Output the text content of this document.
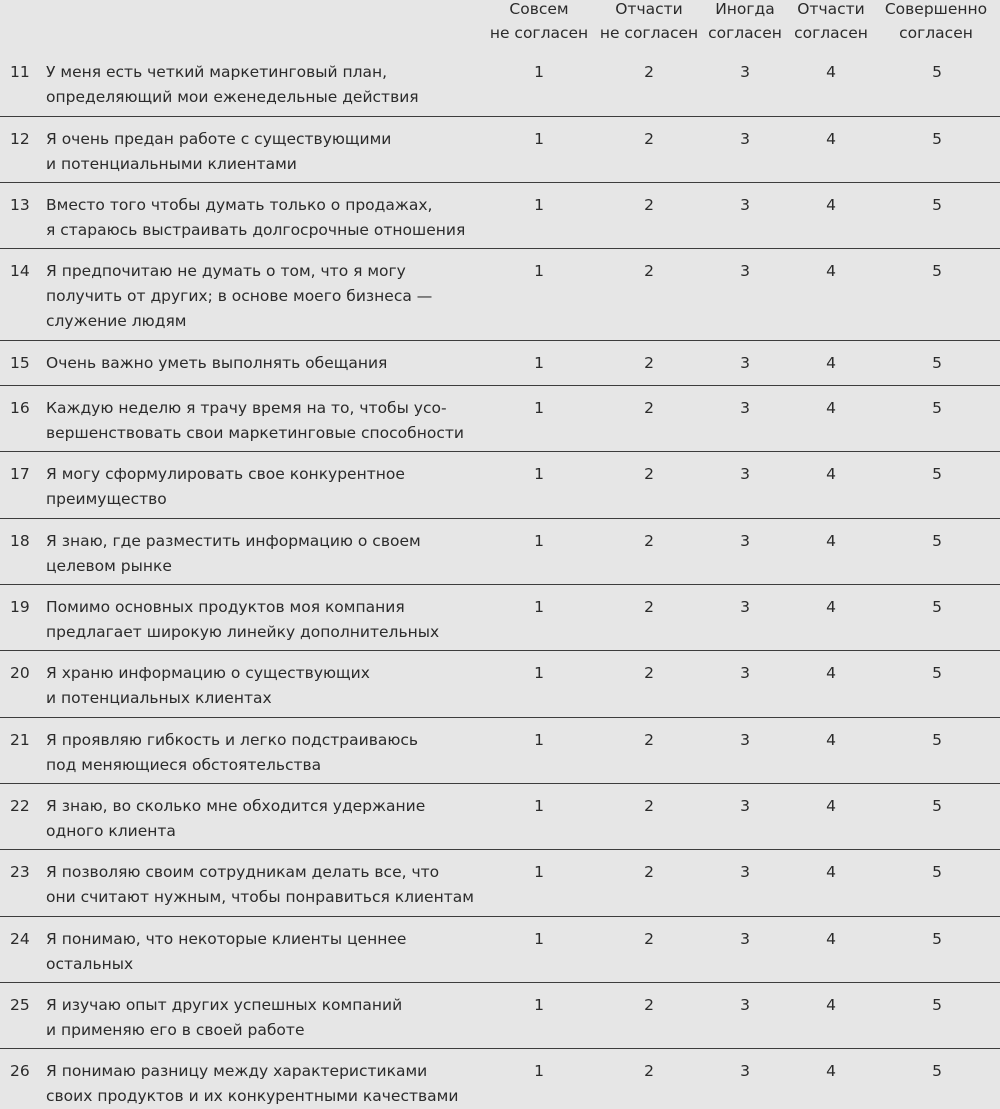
Совсем
не согласен
Отчасти
не согласен
Иногда
согласен
Отчасти
согласен
Совершенно
согласен
11 У меня есть четкий маркетинговый план,
определяющий мои еженедельные действия
1	2	3	4	5
12 Я очень предан работе с существующими
и потенциальными клиентами
1	2	3	4	5
13 Вместо того чтобы думать только о продажах,
я стараюсь выстраивать долгосрочные отношения
1	2	3	4	5
14 Я предпочитаю не думать о том, что я могу
получить от других; в основе моего бизнеса —
служение людям
1	2	3	4	5
15 Очень важно уметь выполнять обещания	1	2	3	4	5
16 Каждую неделю я трачу время на то, чтобы усо-
вершенствовать свои маркетинговые способности
1	2	3	4	5
17 Я могу сформулировать свое конкурентное
преимущество
1	2	3	4	5
18 Я знаю, где разместить информацию о своем
целевом рынке
1	2	3	4	5
19 Помимо основных продуктов моя компания
предлагает широкую линейку дополнительных
1	2	3	4	5
20 Я храню информацию о существующих
и потенциальных клиентах
1	2	3	4	5
21 Я проявляю гибкость и легко подстраиваюсь
под меняющиеся обстоятельства
1	2	3	4	5
22 Я знаю, во сколько мне обходится удержание
одного клиента
1	2	3	4	5
23 Я позволяю своим сотрудникам делать все, что
они считают нужным, чтобы понравиться клиентам
1	2	3	4	5
24 Я понимаю, что некоторые клиенты ценнее
остальных
1	2	3	4	5
25 Я изучаю опыт других успешных компаний
и применяю его в своей работе
1	2	3	4	5
26 Я понимаю разницу между характеристиками
своих продуктов и их конкурентными качествами
1	2	3	4	5
